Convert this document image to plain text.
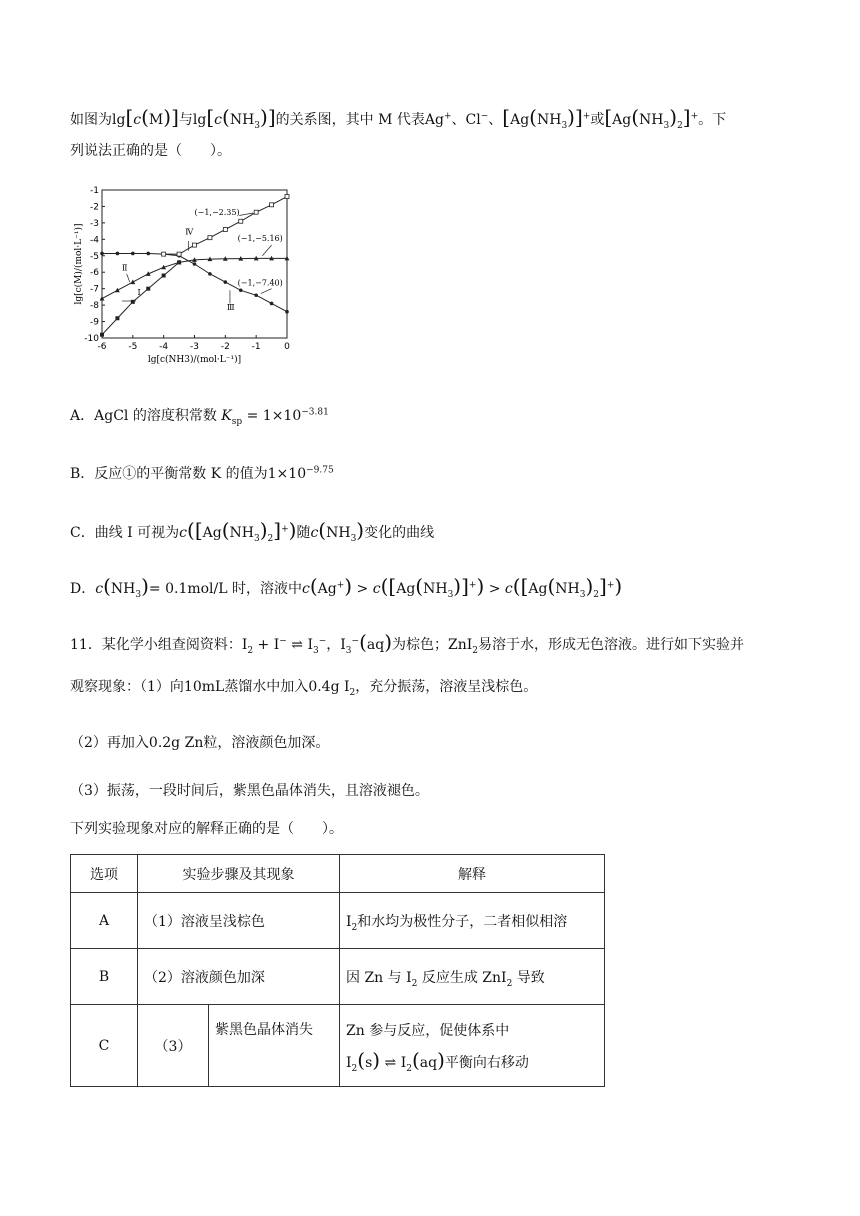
如图为lg[c(M)]与$\lg[c(NH_3)]$的关系图，其中 M 代表Ag+、Cl−、$[Ag(NH_3)]^+$或$[Ag(NH_3)_2]^+$。下
列说法正确的是（　　）。
-6 -5 -4 -3 -2 -1	0
-1
-2
-3
-4
-5
-6
-7
-8
-9
-10
lg[c(NH3)/(mol·L⁻¹)]
lg[c(M)/(mol·L⁻¹)]
(−1,−2.35)
(−1,−5.16)
(−1,−7.40)
Ⅰ
Ⅱ
Ⅲ
Ⅳ
A．AgCl 的溶度积常数 $K_{sp} = 1\times 10^{-3.81}$
B．反应①的平衡常数 K 的值为$1\times 10^{-9.75}$
C．曲线 I 可视为$c([Ag(NH_3)_2]^+)$随$c(NH_3)$变化的曲线
D．$c(NH_3)= 0.1mol/L$ 时，溶液中$c(Ag^+) > c([Ag(NH_3)]^+) > c([Ag(NH_3)_2]^+)$
11．某化学小组查阅资料：$I_2 + I^-$ ⇌ $I_3^-$，$I_3^-(aq)$为棕色；ZnI$_2$易溶于水，形成无色溶液。进行如下实验并
观察现象：（1）向10mL蒸馏水中加入0.4g $I_2$，充分振荡，溶液呈浅棕色。
（2）再加入0.2g Zn粒，溶液颜色加深。
（3）振荡，一段时间后，紫黑色晶体消失，且溶液褪色。
下列实验现象对应的解释正确的是（　　）。
选项	实验步骤及其现象		解释
A	（1）溶液呈浅棕色		$I_2$和水均为极性分子，二者相似相溶
B	（2）溶液颜色加深		因 Zn 与 $I_2$ 反应生成 ZnI$_2$ 导致
C	（3）	紫黑色晶体消失	Zn 参与反应，促使体系中
$I_2(s)$ ⇌ $I_2(aq)$平衡向右移动
